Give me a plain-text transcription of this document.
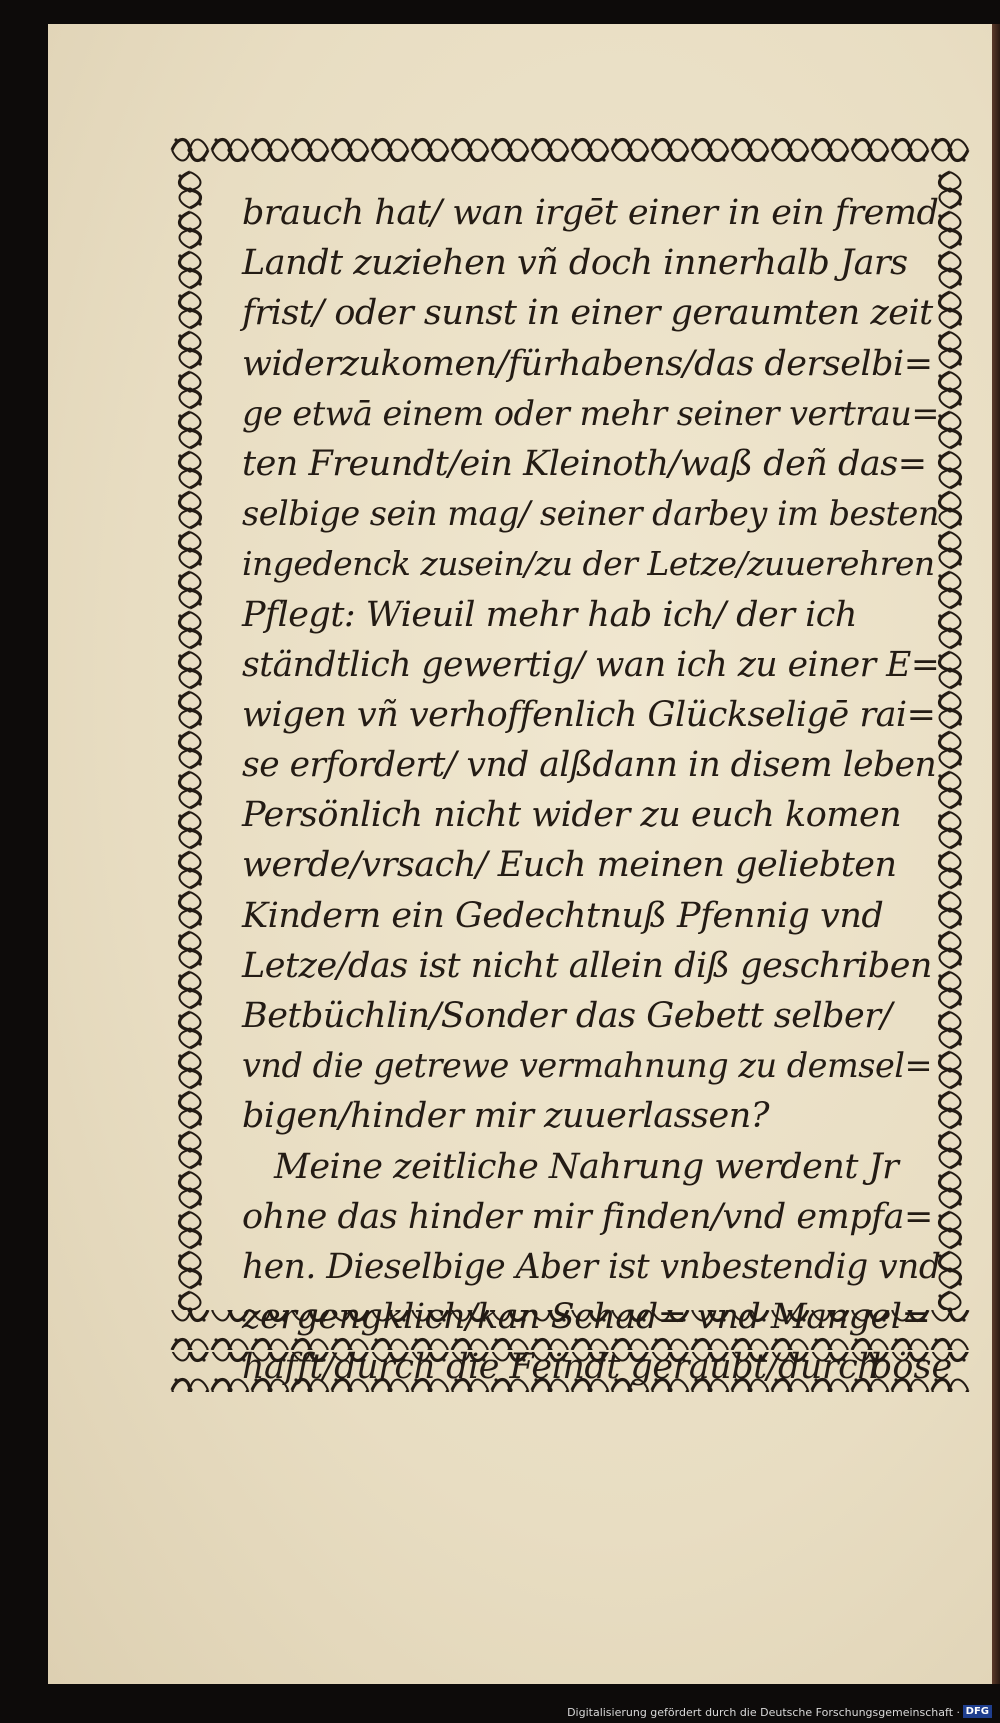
brauch hat/ wan irgēt einer in ein fremd
Landt zuziehen vñ doch innerhalb Jars
frist/ oder sunst in einer geraumten zeit
widerzukomen/fürhabens/das derselbi=
ge etwā einem oder mehr seiner vertrau=
ten Freundt/ein Kleinoth/waß deñ das=
selbige sein mag/ seiner darbey im besten
ingedenck zusein/zu der Letze/zuuerehren
Pflegt: Wieuil mehr hab ich/ der ich
ständtlich gewertig/ wan ich zu einer E=
wigen vñ verhoffenlich Glückseligē rai=
se erfordert/ vnd alßdann in disem leben
Persönlich nicht wider zu euch komen
werde/vrsach/ Euch meinen geliebten
Kindern ein Gedechtnuß Pfennig vnd
Letze/das ist nicht allein diß geschriben
Betbüchlin/Sonder das Gebett selber/
vnd die getrewe vermahnung zu demsel=
bigen/hinder mir zuuerlassen?
Meine zeitliche Nahrung werdent Jr
ohne das hinder mir finden/vnd empfa=
hen. Dieselbige Aber ist vnbestendig vnd
zergengklich/kan Schad= vnd Mangel=
hafft/durch die Feindt geraubt/durch
böse
Digitalisierung gefördert durch die Deutsche Forschungsgemeinschaft · DFG
